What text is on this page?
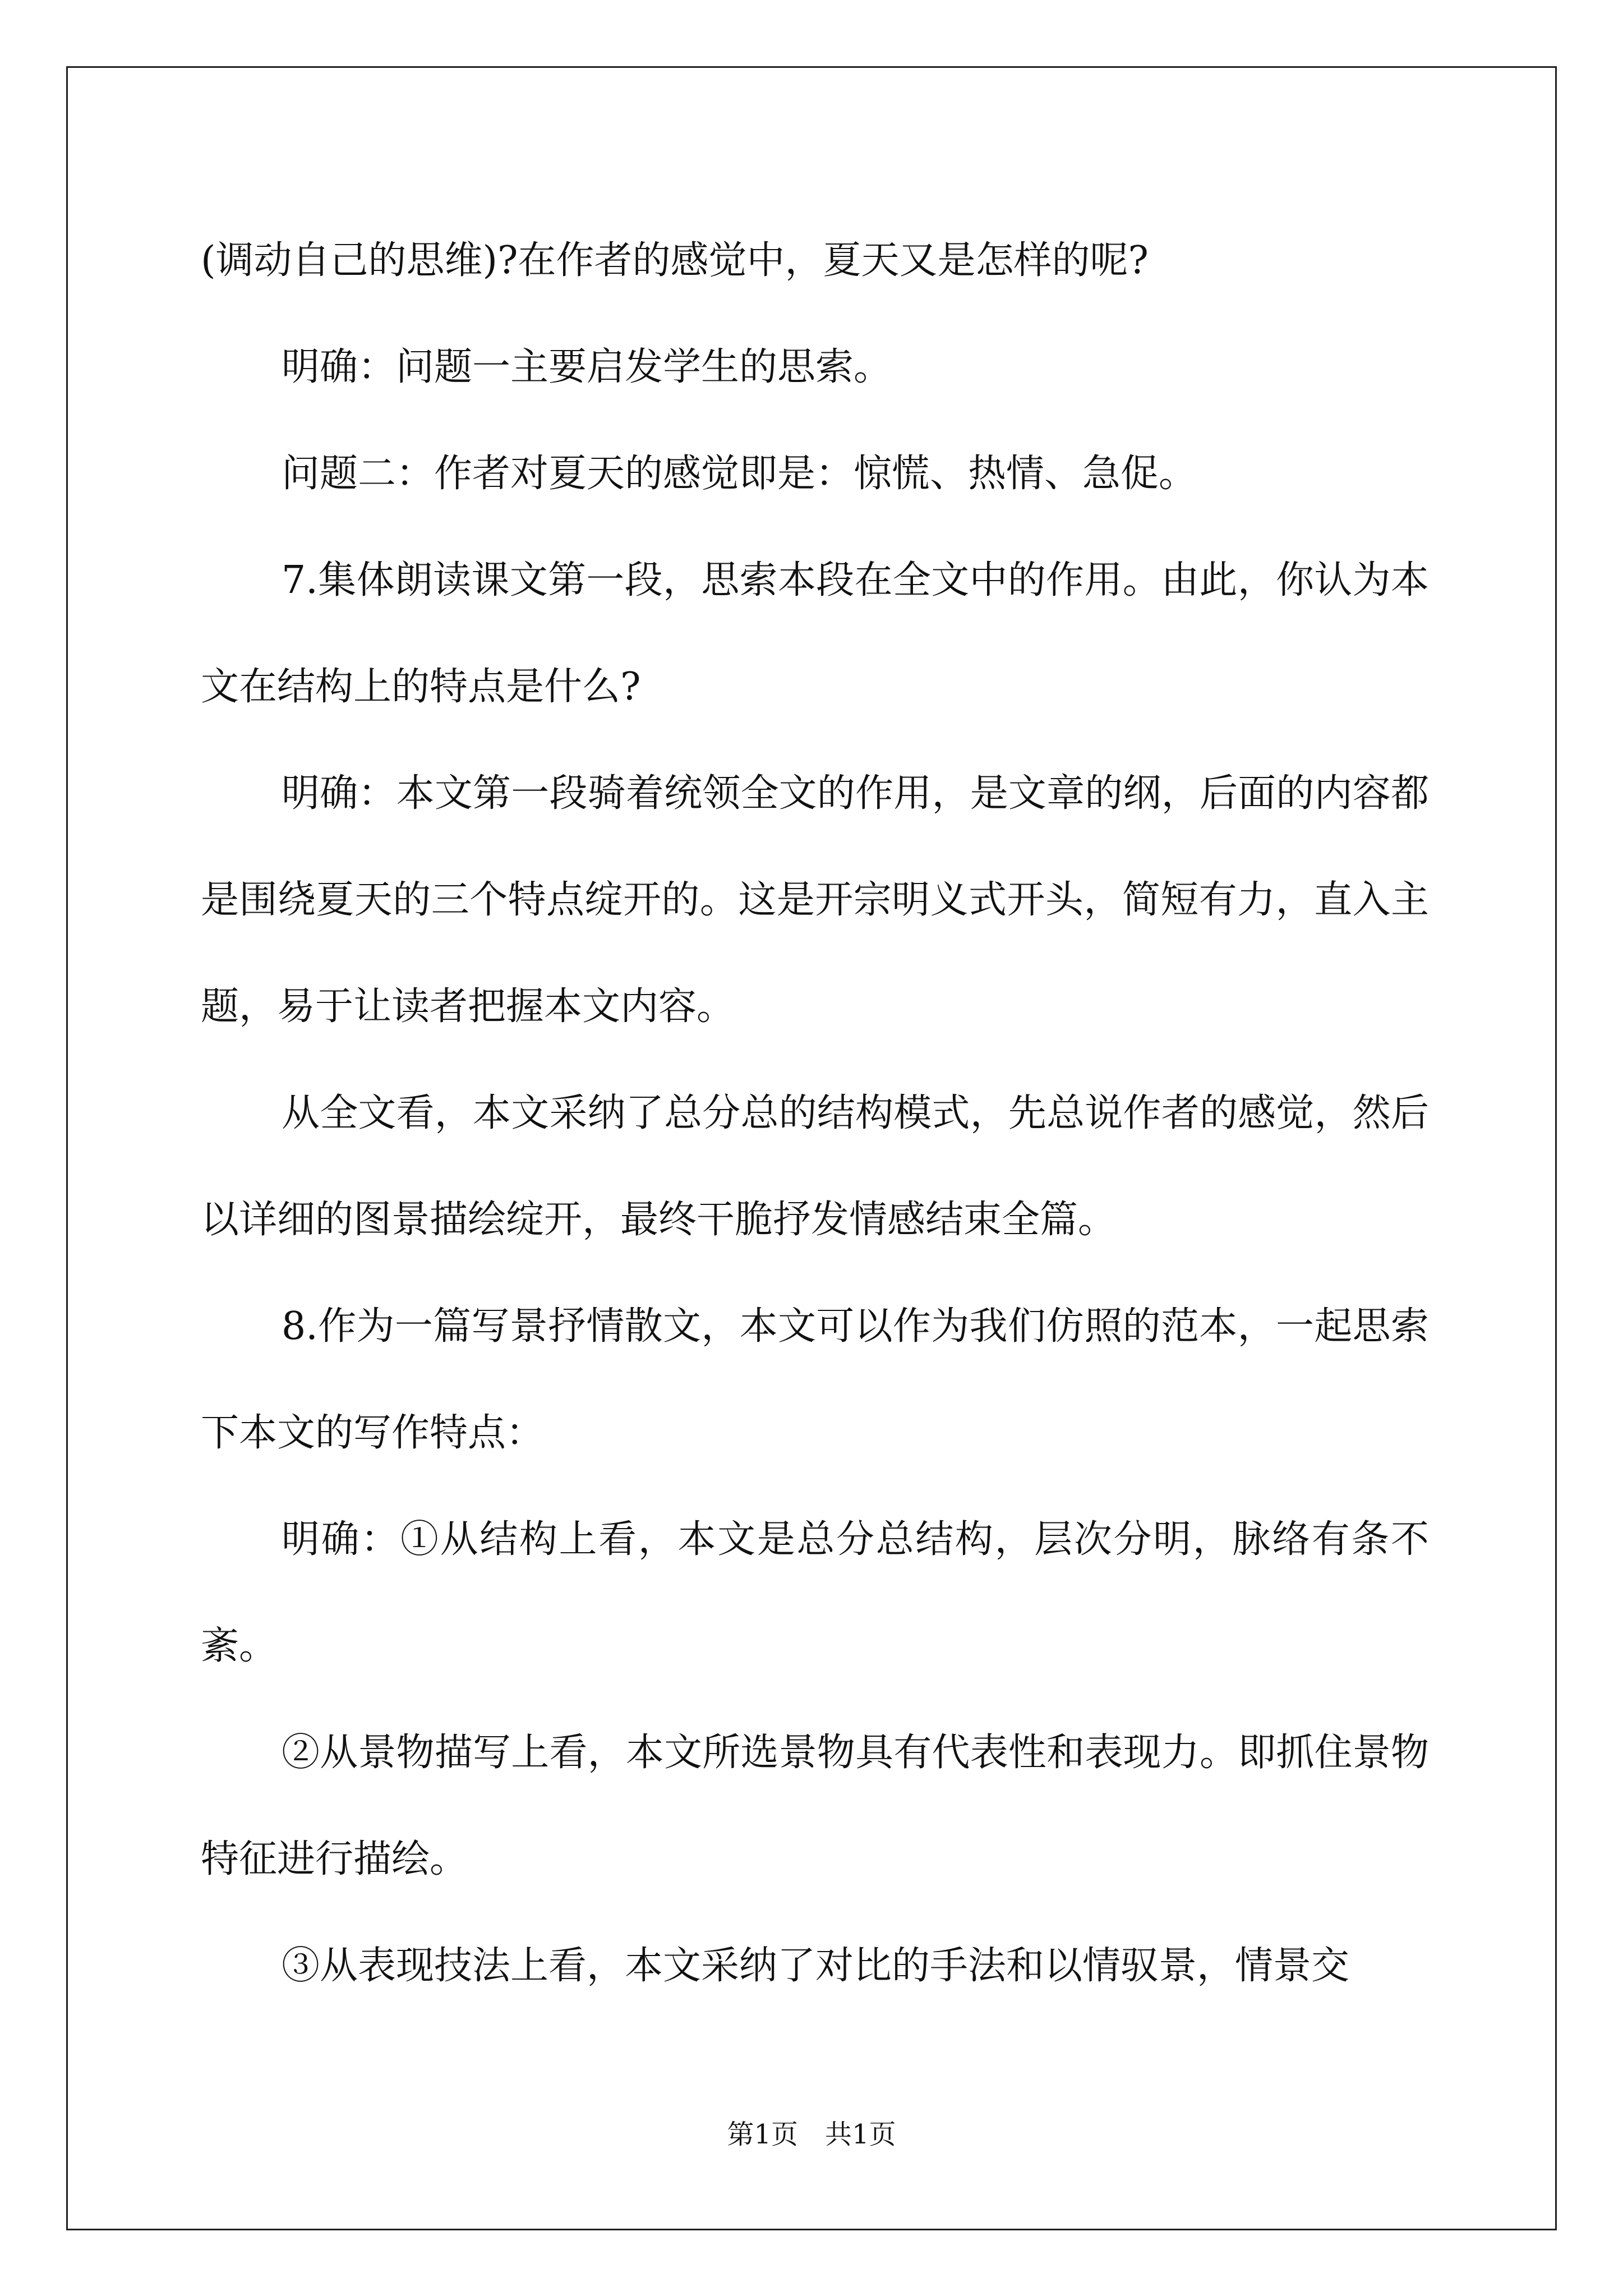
(调动自己的思维)?在作者的感觉中，夏天又是怎样的呢?

明确：问题一主要启发学生的思索。

问题二：作者对夏天的感觉即是：惊慌、热情、急促。

7.集体朗读课文第一段，思索本段在全文中的作用。由此，你认为本文在结构上的特点是什么?

明确：本文第一段骑着统领全文的作用，是文章的纲，后面的内容都是围绕夏天的三个特点绽开的。这是开宗明义式开头，简短有力，直入主题，易于让读者把握本文内容。

从全文看，本文采纳了总分总的结构模式，先总说作者的感觉，然后以详细的图景描绘绽开，最终干脆抒发情感结束全篇。

8.作为一篇写景抒情散文，本文可以作为我们仿照的范本，一起思索下本文的写作特点：

明确：①从结构上看，本文是总分总结构，层次分明，脉络有条不紊。

②从景物描写上看，本文所选景物具有代表性和表现力。即抓住景物特征进行描绘。

③从表现技法上看，本文采纳了对比的手法和以情驭景，情景交

第1页　共1页
